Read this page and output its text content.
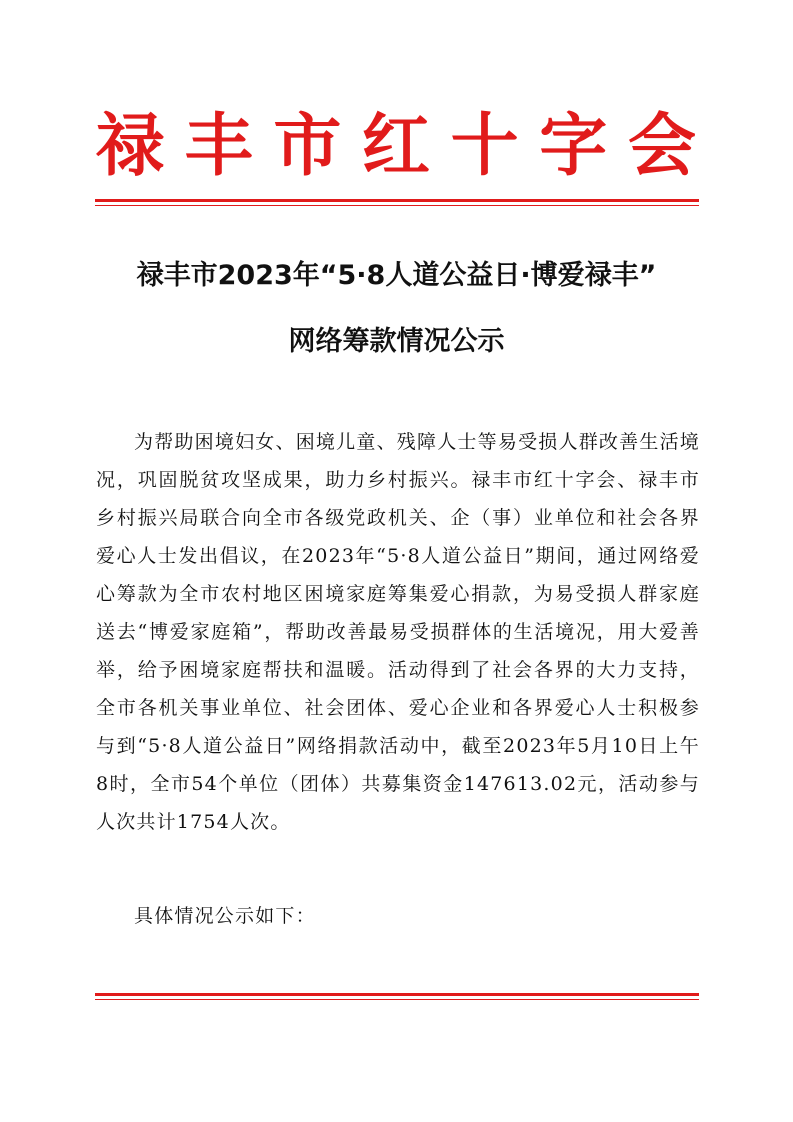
禄 丰 市 红 十 字 会
禄丰市2023年“5·8人道公益日·博爱禄丰”
网络筹款情况公示

为帮助困境妇女、困境儿童、残障人士等易受损人群改善生活境况，巩固脱贫攻坚成果，助力乡村振兴。禄丰市红十字会、禄丰市乡村振兴局联合向全市各级党政机关、企（事）业单位和社会各界爱心人士发出倡议，在2023年“5·8人道公益日”期间，通过网络爱心筹款为全市农村地区困境家庭筹集爱心捐款，为易受损人群家庭送去“博爱家庭箱”，帮助改善最易受损群体的生活境况，用大爱善举，给予困境家庭帮扶和温暖。活动得到了社会各界的大力支持，全市各机关事业单位、社会团体、爱心企业和各界爱心人士积极参与到“5·8人道公益日”网络捐款活动中，截至2023年5月10日上午8时，全市54个单位（团体）共募集资金147613.02元，活动参与人次共计1754人次。

具体情况公示如下：
